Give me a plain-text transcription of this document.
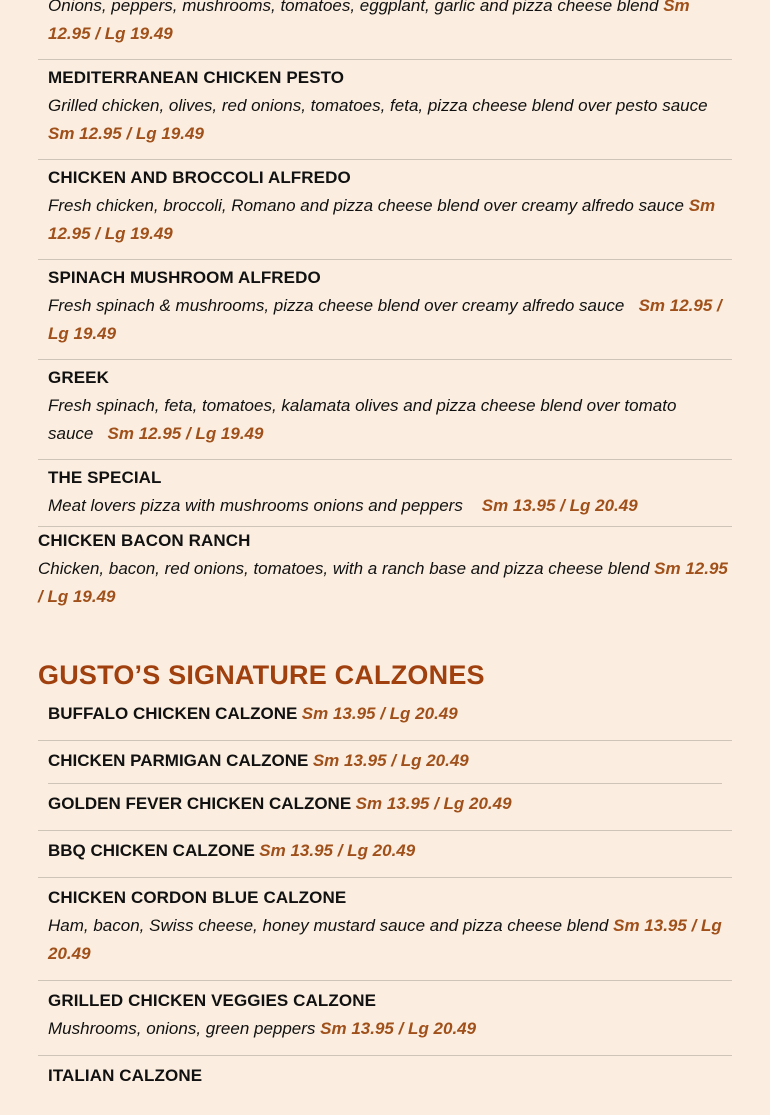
Onions, peppers, mushrooms, tomatoes, eggplant, garlic and pizza cheese blend Sm 12.95 / Lg 19.49
MEDITERRANEAN CHICKEN PESTO
Grilled chicken, olives, red onions, tomatoes, feta, pizza cheese blend over pesto sauce Sm 12.95 / Lg 19.49
CHICKEN AND BROCCOLI ALFREDO
Fresh chicken, broccoli, Romano and pizza cheese blend over creamy alfredo sauce Sm 12.95 / Lg 19.49
SPINACH MUSHROOM ALFREDO
Fresh spinach & mushrooms, pizza cheese blend over creamy alfredo sauce Sm 12.95 / Lg 19.49
GREEK
Fresh spinach, feta, tomatoes, kalamata olives and pizza cheese blend over tomato sauce Sm 12.95 / Lg 19.49
THE SPECIAL
Meat lovers pizza with mushrooms onions and peppers Sm 13.95 / Lg 20.49
CHICKEN BACON RANCH
Chicken, bacon, red onions, tomatoes, with a ranch base and pizza cheese blend Sm 12.95 / Lg 19.49
GUSTO’S SIGNATURE CALZONES
BUFFALO CHICKEN CALZONE Sm 13.95 / Lg 20.49
CHICKEN PARMIGAN CALZONE Sm 13.95 / Lg 20.49
GOLDEN FEVER CHICKEN CALZONE Sm 13.95 / Lg 20.49
BBQ CHICKEN CALZONE Sm 13.95 / Lg 20.49
CHICKEN CORDON BLUE CALZONE
Ham, bacon, Swiss cheese, honey mustard sauce and pizza cheese blend Sm 13.95 / Lg 20.49
GRILLED CHICKEN VEGGIES CALZONE
Mushrooms, onions, green peppers Sm 13.95 / Lg 20.49
ITALIAN CALZONE
